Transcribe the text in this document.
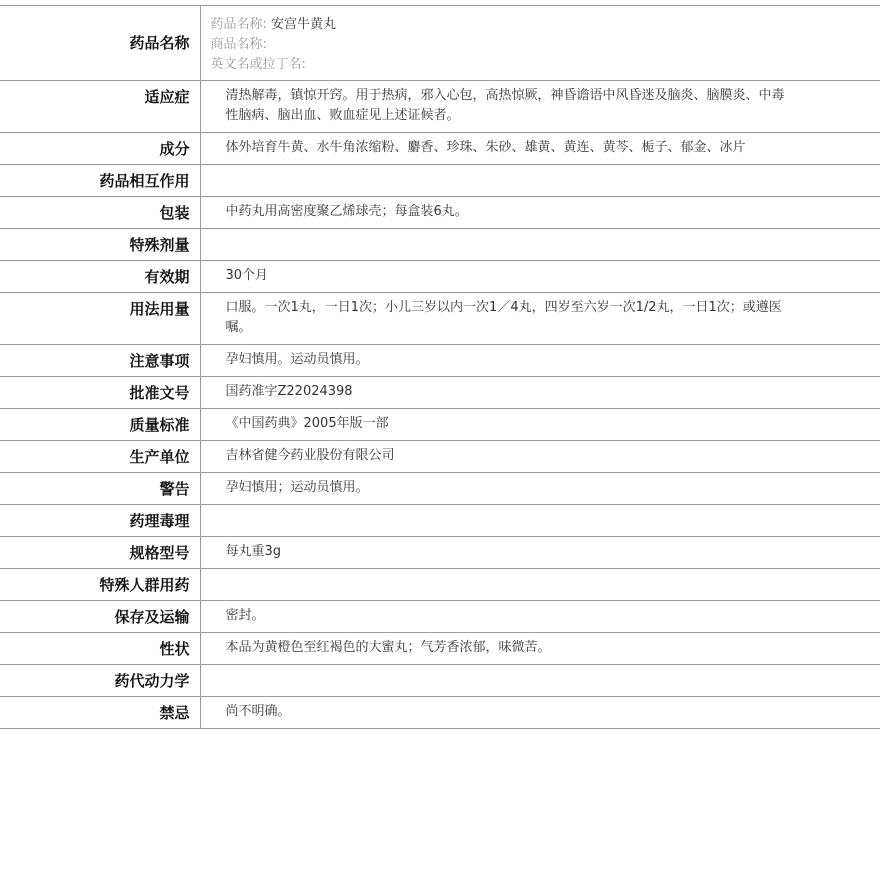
药品名称	药品名称: 安宫牛黄丸
商品名称:
英文名或拉丁名:

适应症	清热解毒，镇惊开窍。用于热病，邪入心包，高热惊厥，神昏谵语中风昏迷及脑炎、脑膜炎、中毒性脑病、脑出血、败血症见上述证候者。
成分	体外培育牛黄、水牛角浓缩粉、麝香、珍珠、朱砂、雄黄、黄连、黄芩、栀子、郁金、冰片
药品相互作用	
包装	中药丸用高密度聚乙烯球壳；每盒装6丸。
特殊剂量	
有效期	30个月
用法用量	口服。一次1丸，一日1次；小儿三岁以内一次1／4丸，四岁至六岁一次1/2丸，一日1次；或遵医嘱。
注意事项	孕妇慎用。运动员慎用。
批准文号	国药准字Z22024398
质量标准	《中国药典》2005年版一部
生产单位	吉林省健今药业股份有限公司
警告	孕妇慎用；运动员慎用。
药理毒理	
规格型号	每丸重3g
特殊人群用药	
保存及运输	密封。
性状	本品为黄橙色至红褐色的大蜜丸；气芳香浓郁，味微苦。
药代动力学	
禁忌	尚不明确。
